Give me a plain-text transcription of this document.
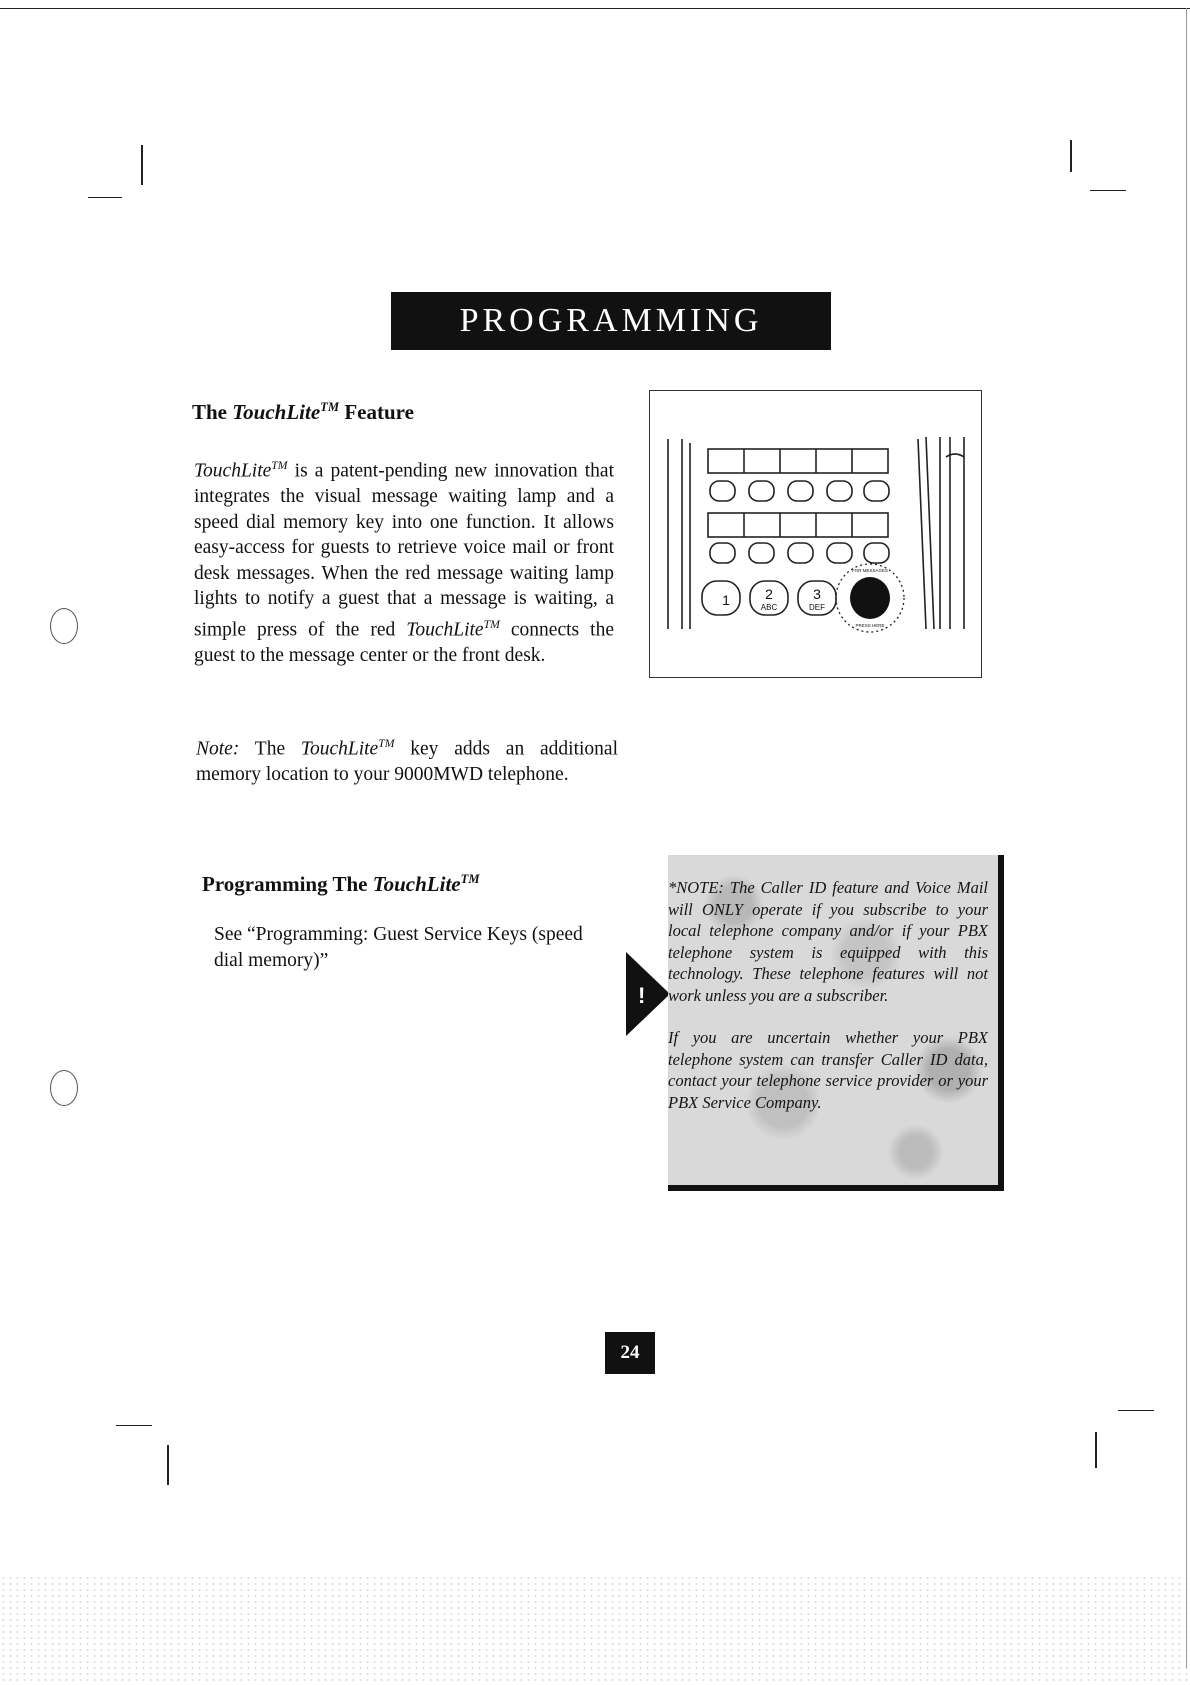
PROGRAMMING
The TouchLite™ Feature
TouchLite™ is a patent-pending new innovation that integrates the visual message waiting lamp and a speed dial memory key into one function. It allows easy-access for guests to retrieve voice mail or front desk messages. When the red message waiting lamp lights to notify a guest that a message is waiting, a simple press of the red TouchLite™ connects the guest to the message center or the front desk.
Note: The TouchLite™ key adds an additional memory location to your 9000MWD telephone.
1	2
ABC
3
DEF
FOR MESSAGES
PRESS HERE
Programming The TouchLite™
See “Programming: Guest Service Keys (speed dial memory)”
!

*NOTE: The Caller ID feature and Voice Mail will ONLY operate if you subscribe to your local telephone company and/or if your PBX telephone system is equipped with this technology. These telephone features will not work unless you are a subscriber.

If you are uncertain whether your PBX telephone system can transfer Caller ID data, contact your telephone service provider or your PBX Service Company.

24
